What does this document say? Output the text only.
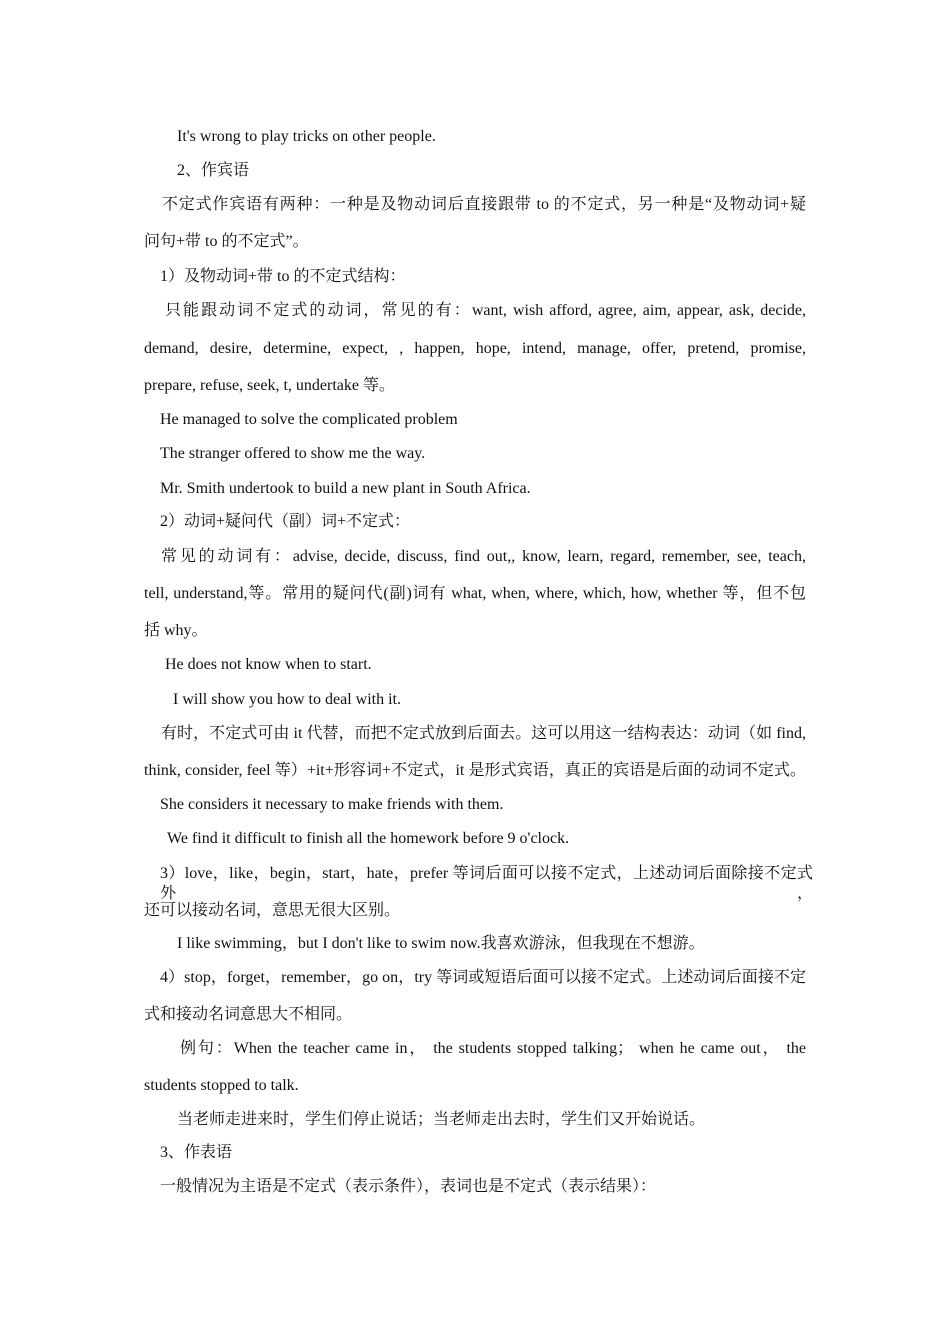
It's wrong to play tricks on other people.
2、作宾语
不定式作宾语有两种：一种是及物动词后直接跟带 to 的不定式，另一种是“及物动词+疑
问句+带 to 的不定式”。
1）及物动词+带 to 的不定式结构：
只能跟动词不定式的动词，常见的有：want, wish afford, agree, aim, appear, ask, decide,
demand, desire, determine, expect, , happen, hope, intend, manage, offer, pretend, promise,
prepare, refuse, seek, t, undertake 等。
He managed to solve the complicated problem
The stranger offered to show me the way.
Mr. Smith undertook to build a new plant in South Africa.
2）动词+疑问代（副）词+不定式：
常见的动词有：advise, decide, discuss, find out,, know, learn, regard, remember, see, teach,
tell, understand,等。常用的疑问代(副)词有 what, when, where, which, how, whether 等，但不包
括 why。
He does not know when to start.
I will show you how to deal with it.
有时，不定式可由 it 代替，而把不定式放到后面去。这可以用这一结构表达：动词（如 find,
think, consider, feel 等）+it+形容词+不定式，it 是形式宾语，真正的宾语是后面的动词不定式。
She considers it necessary to make friends with them.
We find it difficult to finish all the homework before 9 o'clock.
3）love，like，begin，start，hate，prefer 等词后面可以接不定式，上述动词后面除接不定式外，
还可以接动名词，意思无很大区别。
I like swimming，but I don't like to swim now.我喜欢游泳，但我现在不想游。
4）stop，forget，remember，go on，try 等词或短语后面可以接不定式。上述动词后面接不定
式和接动名词意思大不相同。
例句：When the teacher came in， the students stopped talking； when he came out， the
students stopped to talk.
当老师走进来时，学生们停止说话；当老师走出去时，学生们又开始说话。
3、作表语
一般情况为主语是不定式（表示条件），表词也是不定式（表示结果）：
